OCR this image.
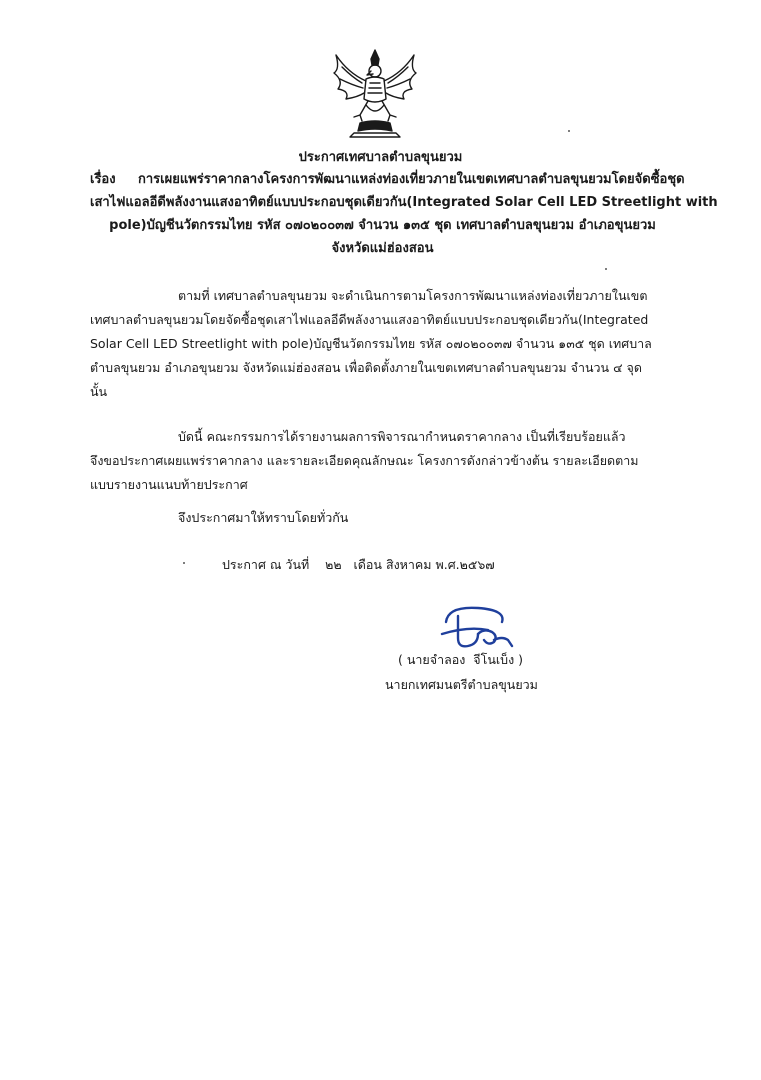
ประกาศเทศบาลตำบลขุนยวม
เรื่อง การเผยแพร่ราคากลางโครงการพัฒนาแหล่งท่องเที่ยวภายในเขตเทศบาลตำบลขุนยวมโดยจัดซื้อชุด
เสาไฟแอลอีดีพลังงานแสงอาทิตย์แบบประกอบชุดเดียวกัน(Integrated Solar Cell LED Streetlight with
pole)บัญชีนวัตกรรมไทย รหัส ๐๗๐๒๐๐๓๗ จำนวน ๑๓๕ ชุด เทศบาลตำบลขุนยวม อำเภอขุนยวม
จังหวัดแม่ฮ่องสอน
ตามที่ เทศบาลตำบลขุนยวม จะดำเนินการตามโครงการพัฒนาแหล่งท่องเที่ยวภายในเขต
เทศบาลตำบลขุนยวมโดยจัดซื้อชุดเสาไฟแอลอีดีพลังงานแสงอาทิตย์แบบประกอบชุดเดียวกัน(Integrated
Solar Cell LED Streetlight with pole)บัญชีนวัตกรรมไทย รหัส ๐๗๐๒๐๐๓๗ จำนวน ๑๓๕ ชุด เทศบาล
ตำบลขุนยวม อำเภอขุนยวม จังหวัดแม่ฮ่องสอน เพื่อติดตั้งภายในเขตเทศบาลตำบลขุนยวม จำนวน ๔ จุด
นั้น
บัดนี้ คณะกรรมการได้รายงานผลการพิจารณากำหนดราคากลาง เป็นที่เรียบร้อยแล้ว
จึงขอประกาศเผยแพร่ราคากลาง และรายละเอียดคุณลักษณะ โครงการดังกล่าวข้างต้น รายละเอียดตาม
แบบรายงานแนบท้ายประกาศ
จึงประกาศมาให้ทราบโดยทั่วกัน
ประกาศ ณ วันที่    ๒๒   เดือน สิงหาคม พ.ศ.๒๕๖๗
( นายจำลอง  จีโนเบ็ง )
นายกเทศมนตรีตำบลขุนยวม
